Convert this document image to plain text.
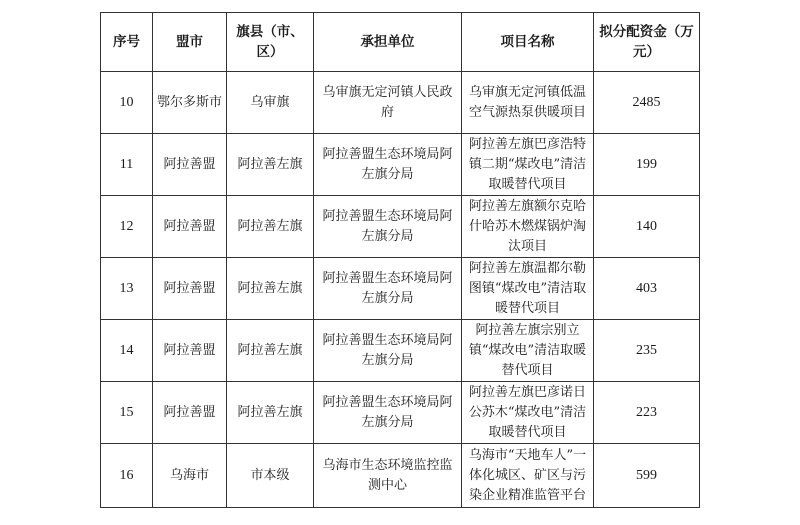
序号	盟市	旗县（市、区）	承担单位	项目名称	拟分配资金（万元）
10	鄂尔多斯市	乌审旗	乌审旗无定河镇人民政府	乌审旗无定河镇低温空气源热泵供暖项目	2485
11	阿拉善盟	阿拉善左旗	阿拉善盟生态环境局阿左旗分局	阿拉善左旗巴彦浩特镇二期“煤改电”清洁取暖替代项目	199
12	阿拉善盟	阿拉善左旗	阿拉善盟生态环境局阿左旗分局	阿拉善左旗额尔克哈什哈苏木燃煤锅炉淘汰项目	140
13	阿拉善盟	阿拉善左旗	阿拉善盟生态环境局阿左旗分局	阿拉善左旗温都尔勒图镇“煤改电”清洁取暖替代项目	403
14	阿拉善盟	阿拉善左旗	阿拉善盟生态环境局阿左旗分局	阿拉善左旗宗别立镇“煤改电”清洁取暖替代项目	235
15	阿拉善盟	阿拉善左旗	阿拉善盟生态环境局阿左旗分局	阿拉善左旗巴彦诺日公苏木“煤改电”清洁取暖替代项目	223
16	乌海市	市本级	乌海市生态环境监控监测中心	乌海市“天地车人”一体化城区、矿区与污染企业精准监管平台	599
